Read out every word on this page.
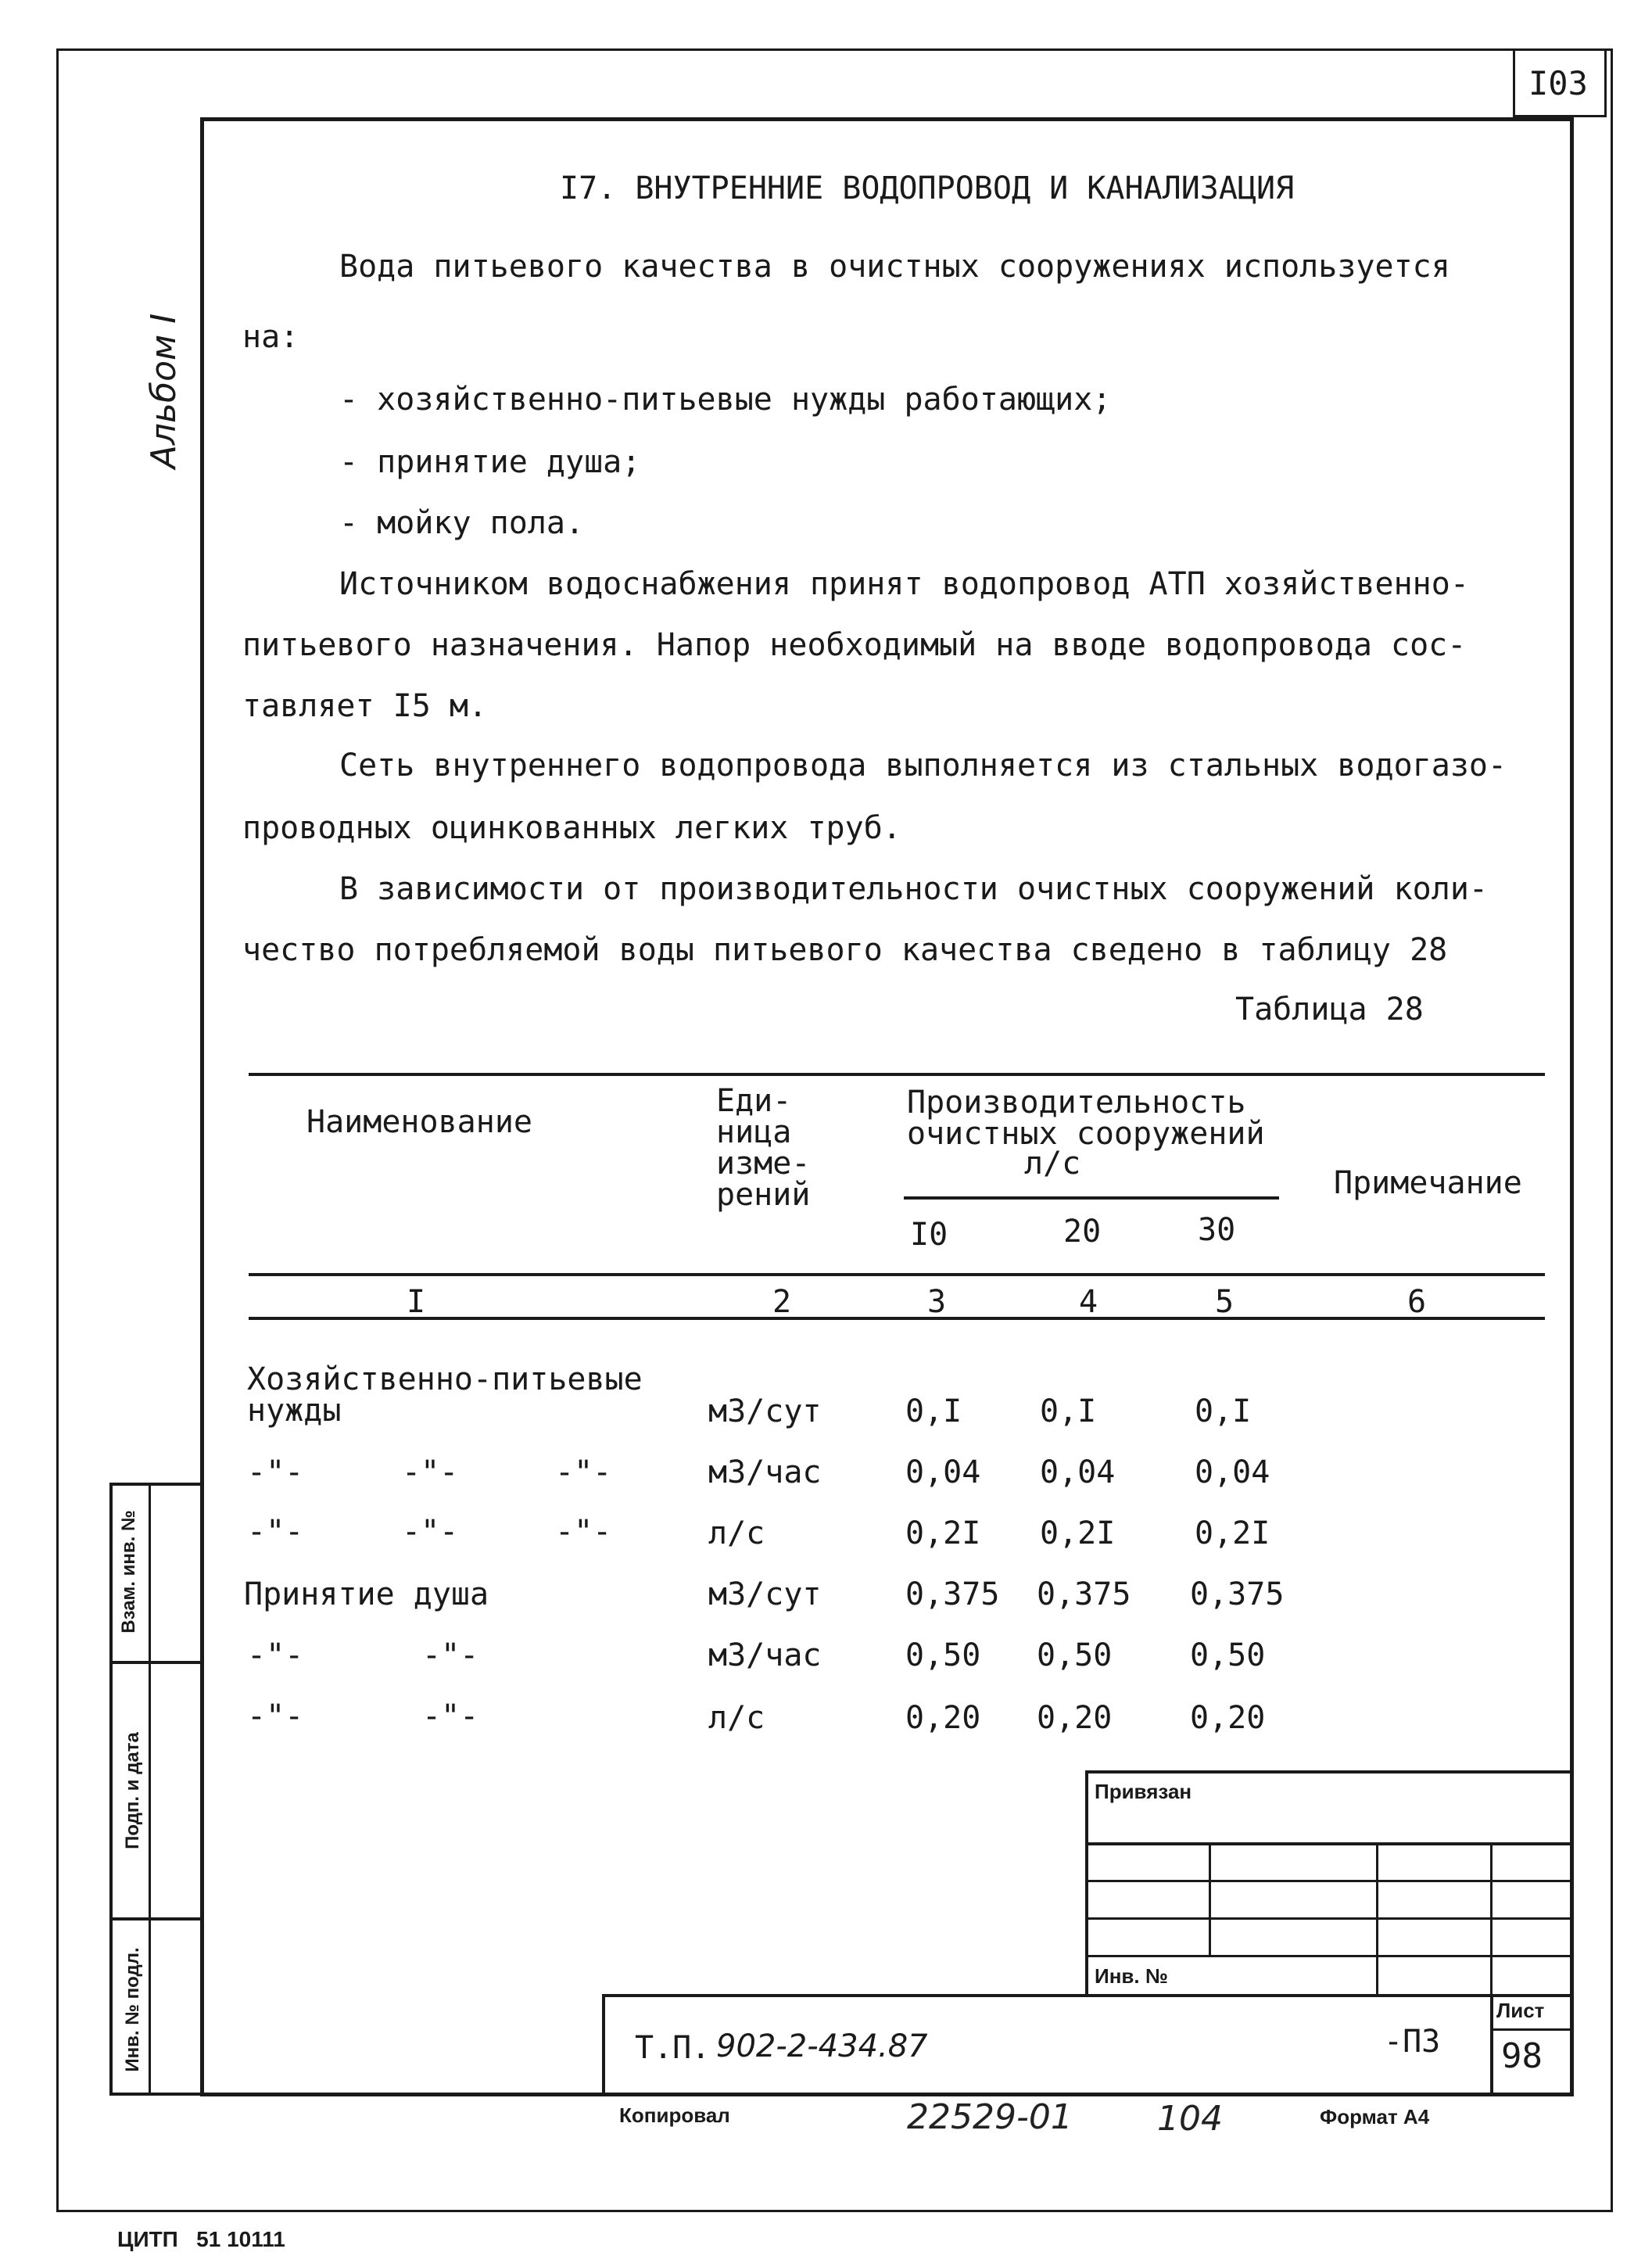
I03
Альбом I
I7. ВНУТРЕННИЕ ВОДОПРОВОД И КАНАЛИЗАЦИЯ
Вода питьевого качества в очистных сооружениях используется
на:
- хозяйственно-питьевые нужды работающих;
- принятие душа;
- мойку пола.
Источником водоснабжения принят водопровод АТП хозяйственно-
питьевого назначения. Напор необходимый на вводе водопровода сос-
тавляет I5 м.
Сеть внутреннего водопровода выполняется из стальных водогазо-
проводных оцинкованных легких труб.
В зависимости от производительности очистных сооружений коли-
чество потребляемой воды питьевого качества сведено в таблицу 28
Таблица 28
Наименование
Еди-
ница
изме-
рений
Производительность
очистных сооружений
л/с
I0	20	30
Примечание
I	2	3	4	5	6
Хозяйственно-питьевые
нужды	м3/сут	0,I 0,I	0,I
-"-	-"-	-"-	м3/час	0,04 0,04	0,04
-"-	-"-	-"-	л/с	0,2I 0,2I	0,2I
Принятие душа	м3/сут	0,375 0,375 0,375
-"-	-"-	м3/час	0,50 0,50 0,50
-"-	-"-	л/с	0,20 0,20 0,20
Взам. инв. №
Подп. и дата
Инв. № подл.
Привязан
Инв. №
Т.П. 902-2-434.87	-ПЗ
Лист
98
Копировал	22529-01 104	Формат А4
ЦИТП   51 10111
